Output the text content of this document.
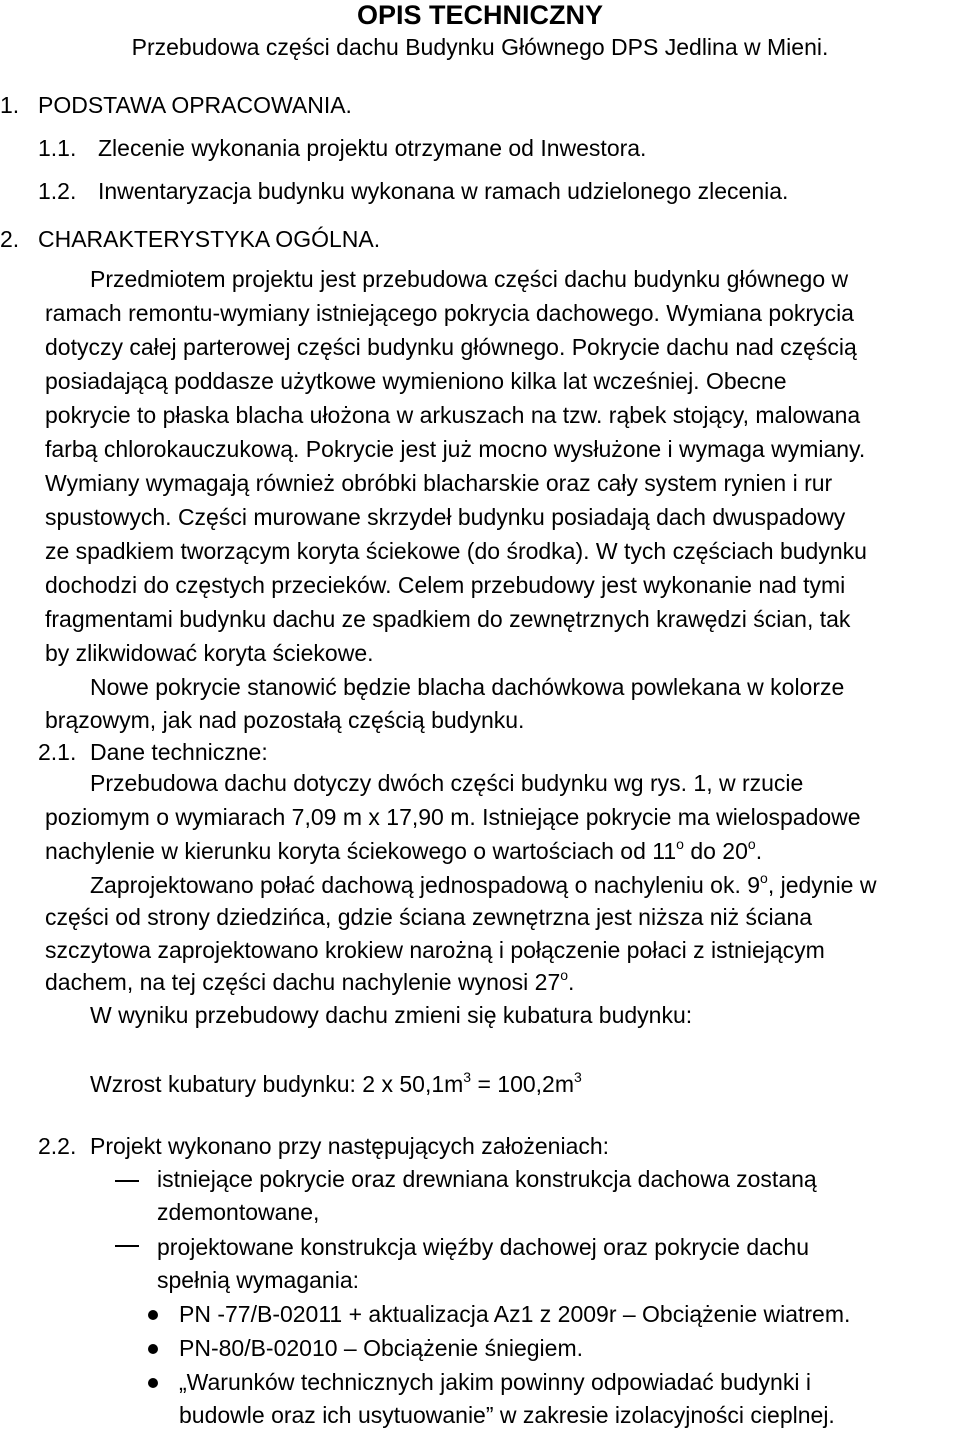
OPIS TECHNICZNY
Przebudowa części dachu Budynku Głównego DPS Jedlina w Mieni.
1. PODSTAWA OPRACOWANIA.
1.1. Zlecenie wykonania projektu otrzymane od Inwestora.
1.2. Inwentaryzacja budynku wykonana w ramach udzielonego zlecenia.
2. CHARAKTERYSTYKA OGÓLNA.
Przedmiotem projektu jest przebudowa części dachu budynku głównego w
ramach remontu-wymiany istniejącego pokrycia dachowego. Wymiana pokrycia
dotyczy całej parterowej części budynku głównego. Pokrycie dachu nad częścią
posiadającą poddasze użytkowe wymieniono kilka lat wcześniej. Obecne
pokrycie to płaska blacha ułożona w arkuszach na tzw. rąbek stojący, malowana
farbą chlorokauczukową. Pokrycie jest już mocno wysłużone i wymaga wymiany.
Wymiany wymagają również obróbki blacharskie oraz cały system rynien i rur
spustowych. Części murowane skrzydeł budynku posiadają dach dwuspadowy
ze spadkiem tworzącym koryta ściekowe (do środka). W tych częściach budynku
dochodzi do częstych przecieków. Celem przebudowy jest wykonanie nad tymi
fragmentami budynku dachu ze spadkiem do zewnętrznych krawędzi ścian, tak
by zlikwidować koryta ściekowe.
Nowe pokrycie stanowić będzie blacha dachówkowa powlekana w kolorze
brązowym, jak nad pozostałą częścią budynku.
2.1. Dane techniczne:
Przebudowa dachu dotyczy dwóch części budynku wg rys. 1, w rzucie
poziomym o wymiarach 7,09 m x 17,90 m. Istniejące pokrycie ma wielospadowe
nachylenie w kierunku koryta ściekowego o wartościach od 11$^o$ do 20$^o$.
Zaprojektowano połać dachową jednospadową o nachyleniu ok. 9$^o$, jedynie w
części od strony dziedzińca, gdzie ściana zewnętrzna jest niższa niż ściana
szczytowa zaprojektowano krokiew narożną i połączenie połaci z istniejącym
dachem, na tej części dachu nachylenie wynosi 27$^o$.
W wyniku przebudowy dachu zmieni się kubatura budynku:
Wzrost kubatury budynku: 2 x $50,1m^3 = 100,2m^3$
2.2. Projekt wykonano przy następujących założeniach:
istniejące pokrycie oraz drewniana konstrukcja dachowa zostaną
zdemontowane,
projektowane konstrukcja więźby dachowej oraz pokrycie dachu
spełnią wymagania:
PN -77/B-02011 + aktualizacja Az1 z 2009r – Obciążenie wiatrem.
PN-80/B-02010 – Obciążenie śniegiem.
„Warunków technicznych jakim powinny odpowiadać budynki i
budowle oraz ich usytuowanie” w zakresie izolacyjności cieplnej.
